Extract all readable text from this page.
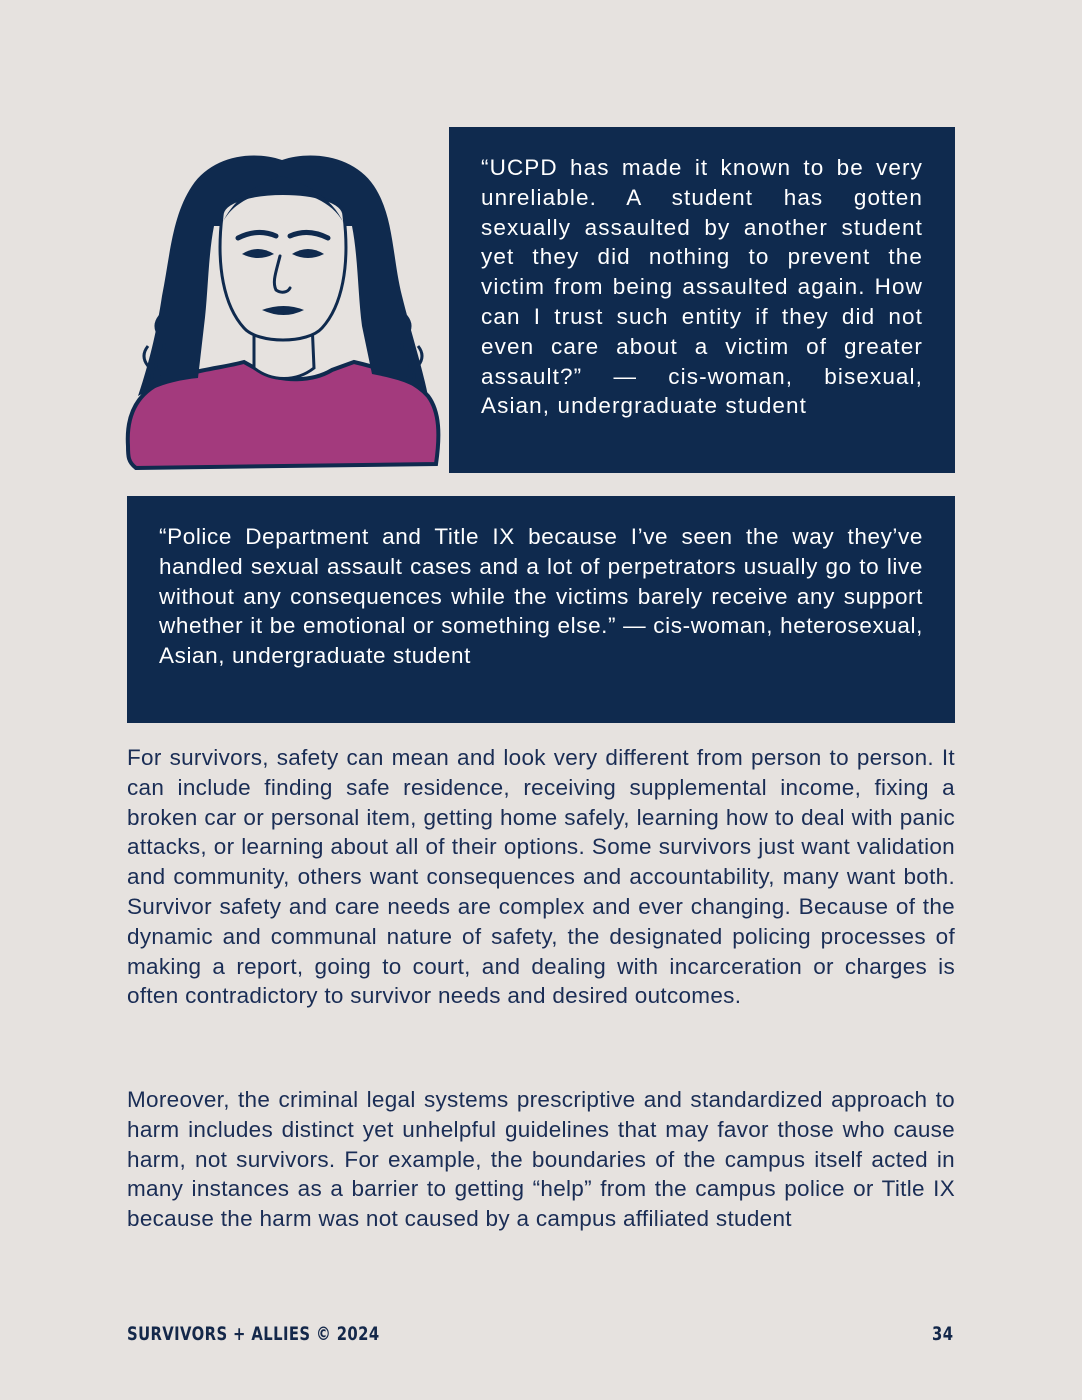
“UCPD has made it known to be very unreliable. A student has gotten sexually assaulted by another student yet they did nothing to prevent the victim from being assaulted again. How can I trust such entity if they did not even care about a victim of greater assault?” — cis-woman, bisexual, Asian, undergraduate student

“Police Department and Title IX because I’ve seen the way they’ve handled sexual assault cases and a lot of perpetrators usually go to live without any consequences while the victims barely receive any support whether it be emotional or something else.” — cis-woman, heterosexual, Asian, undergraduate student

For survivors, safety can mean and look very different from person to person. It can include finding safe residence, receiving supplemental income, fixing a broken car or personal item, getting home safely, learning how to deal with panic attacks, or learning about all of their options. Some survivors just want validation and community, others want consequences and accountability, many want both. Survivor safety and care needs are complex and ever changing. Because of the dynamic and communal nature of safety, the designated policing processes of making a report, going to court, and dealing with incarceration or charges is often contradictory to survivor needs and desired outcomes.

Moreover, the criminal legal systems prescriptive and standardized approach to harm includes distinct yet unhelpful guidelines that may favor those who cause harm, not survivors. For example, the boundaries of the campus itself acted in many instances as a barrier to getting “help” from the campus police or Title IX because the harm was not caused by a campus affiliated student

SURVIVORS + ALLIES © 2024	34
